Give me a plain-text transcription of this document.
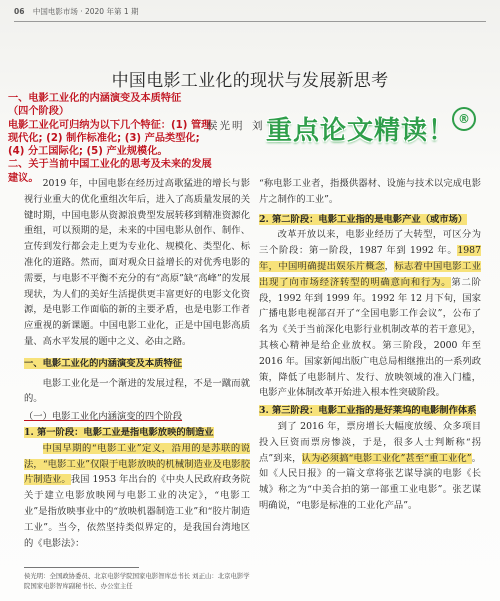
06 中国电影市场 · 2020 年第 1 期
中国电影工业化的现状与发展新思考
一、电影工业化的内涵演变及本质特征
（四个阶段）
电影工业化可归纳为以下几个特征：(1) 管理现代化; (2) 制作标准化; (3) 产品类型化; (4) 分工国际化; (5) 产业规模化。
二、关于当前中国工业化的思考及未来的发展建议。
侯光明 刘 重点论文精读！ ®

2019 年，中国电影在经历过高歌猛进的增长与影视行业重大的优化重组次年后，进入了高质量发展的关键时期，中国电影从资源浪费型发展转移到精准资源化重组，可以预期的是，未来的中国电影从创作、制作、宣传到发行都会走上更为专业化、规模化、类型化、标准化的道路。然而，面对观众日益增长的对优秀电影的需要，与电影不平衡不充分的有“高原”缺“高峰”的发展现状，为人们的美好生活提供更丰富更好的电影文化资源，是电影工作面临的新的主要矛盾，也是电影工作者应重视的新课题。中国电影工业化，正是中国电影高质量、高水平发展的题中之义、必由之路。

一、电影工业化的内涵演变及本质特征

电影工业化是一个渐进的发展过程，不是一蹴而就的。

（一）电影工业化内涵演变的四个阶段

1. 第一阶段：电影工业是指电影放映的制造业

中国早期的“电影工业”定义，沿用的是苏联的说法，“电影工业”仅限于电影放映的机械制造业及电影胶片制造业。我国 1953 年出台的《中央人民政府政务院关于建立电影放映网与电影工业的决定》，“电影工业”是指放映事业中的“放映机器制造工业”和“胶片制造工业”。当今，依然坚持类似界定的，是我国台湾地区的《电影法》：

“称电影工业者，指摄供器材、设施与技术以完成电影片之制作的工业”。

2. 第二阶段：电影工业指的是电影产业（或市场）

改革开放以来，电影业经历了大转型，可区分为三个阶段：第一阶段，1987 年到 1992 年。1987 年，中国明确提出娱乐片概念，标志着中国电影工业出现了向市场经济转型的明确意向和行为。第二阶段，1992 年到 1999 年。1992 年 12 月下旬，国家广播电影电视部召开了“全国电影工作会议”，公布了名为《关于当前深化电影行业机制改革的若干意见》，其核心精神是给企业放权。第三阶段，2000 年至 2016 年。国家新闻出版广电总局相继推出的一系列政策，降低了电影制片、发行、放映领域的准入门槛，电影产业体制改革开始进入根本性突破阶段。

3. 第三阶段：电影工业指的是好莱坞的电影制作体系

到了 2016 年，票房增长大幅度放缓、众多项目投入巨资而票房惨淡，于是，很多人士判断称“拐点”到来，认为必须搞“电影工业化”甚至“重工业化”。如《人民日报》的一篇文章将张艺谋导演的电影《长城》称之为“中美合拍的第一部重工业电影”。张艺谋明确说，“电影是标准的工业化产品”。

侯光明：全国政协委员、北京电影学院国家电影智库总书长 刘正山：北京电影学院国家电影智库副秘书长、办公室主任
